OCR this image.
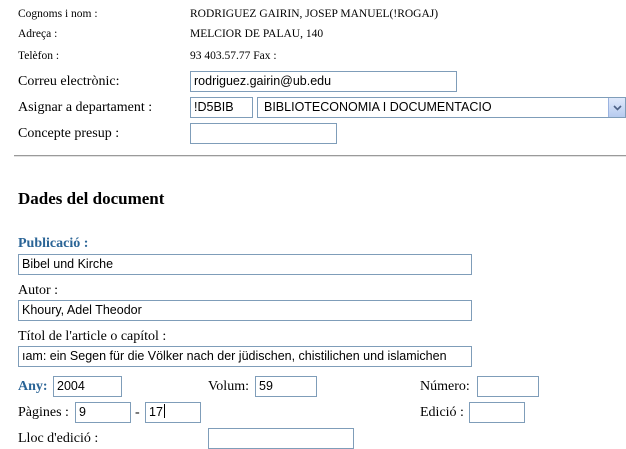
Cognoms i nom :	RODRIGUEZ GAIRIN, JOSEP MANUEL(!ROGAJ)
Adreça :	MELCIOR DE PALAU, 140
Telèfon :	93 403.57.77 Fax :
Correu electrònic:	rodriguez.gairin@ub.edu
Asignar a departament :	!D5BIB	BIBLIOTECONOMIA I DOCUMENTACIO
Concepte presup :
Dades del document
Publicació :
Bibel und Kirche
Autor :
Khoury, Adel Theodor
Títol de l'article o capítol :
ıam: ein Segen für die Völker nach der jüdischen, chistilichen und islamichen
Any: 2004	Volum: 59	Número:
Pàgines : 9	- 17	Edició :
Lloc d'edició :
